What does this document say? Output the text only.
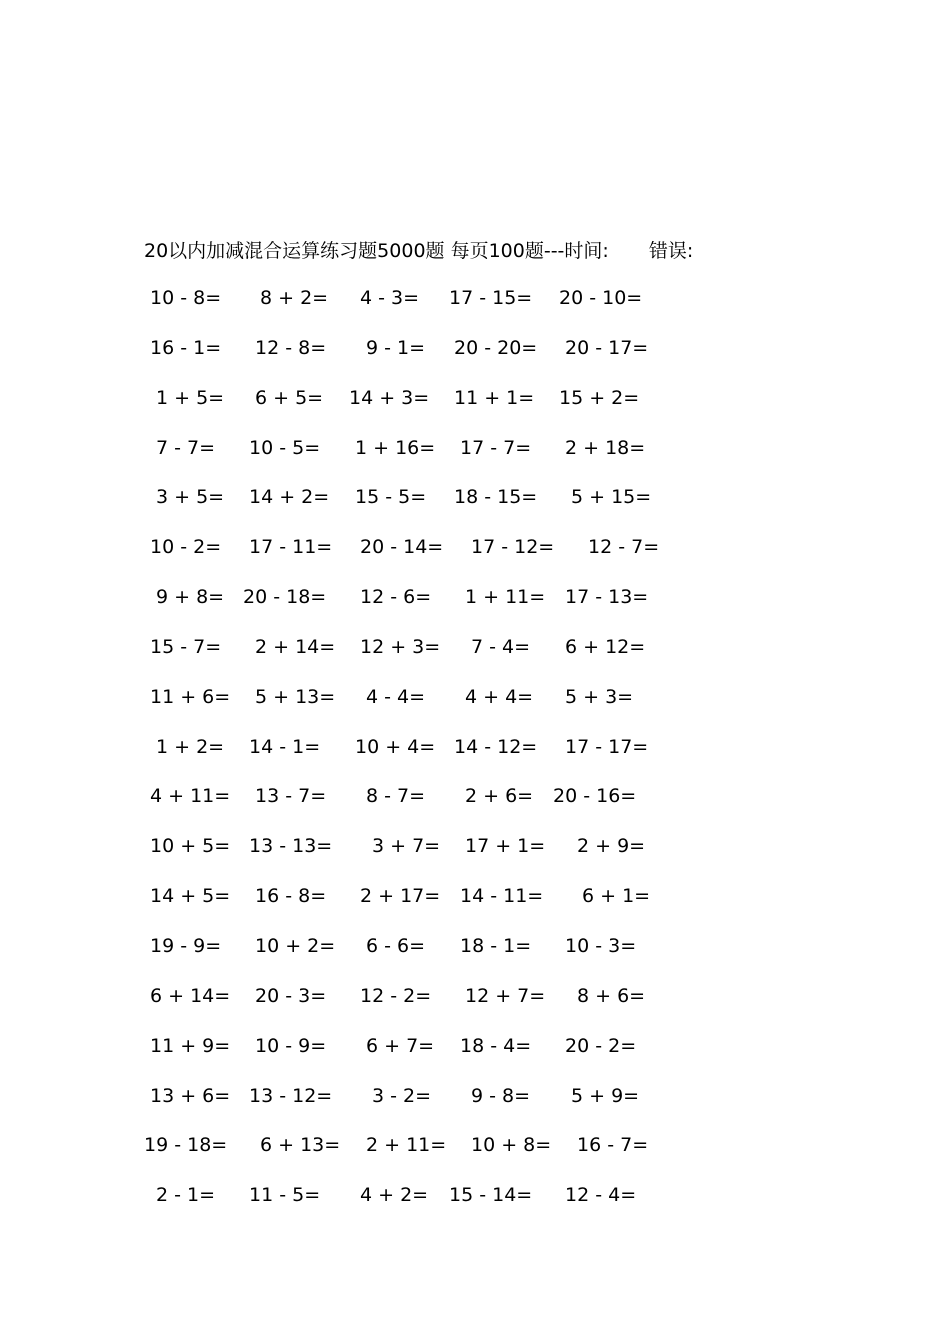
20以内加减混合运算练习题5000题 每页100题---时间: 错误:
10 - 8= 8 + 2= 4 - 3= 17 - 15= 20 - 10=
16 - 1= 12 - 8= 9 - 1= 20 - 20= 20 - 17=
1 + 5= 6 + 5= 14 + 3= 11 + 1= 15 + 2=
7 - 7= 10 - 5= 1 + 16= 17 - 7= 2 + 18=
3 + 5= 14 + 2= 15 - 5= 18 - 15= 5 + 15=
10 - 2= 17 - 11= 20 - 14= 17 - 12= 12 - 7=
9 + 8= 20 - 18= 12 - 6= 1 + 11= 17 - 13=
15 - 7= 2 + 14= 12 + 3= 7 - 4= 6 + 12=
11 + 6= 5 + 13= 4 - 4= 4 + 4= 5 + 3=
1 + 2= 14 - 1= 10 + 4= 14 - 12= 17 - 17=
4 + 11= 13 - 7= 8 - 7= 2 + 6= 20 - 16=
10 + 5= 13 - 13= 3 + 7= 17 + 1= 2 + 9=
14 + 5= 16 - 8= 2 + 17= 14 - 11= 6 + 1=
19 - 9= 10 + 2= 6 - 6= 18 - 1= 10 - 3=
6 + 14= 20 - 3= 12 - 2= 12 + 7= 8 + 6=
11 + 9= 10 - 9= 6 + 7= 18 - 4= 20 - 2=
13 + 6= 13 - 12= 3 - 2= 9 - 8= 5 + 9=
19 - 18= 6 + 13= 2 + 11= 10 + 8= 16 - 7=
2 - 1= 11 - 5= 4 + 2= 15 - 14= 12 - 4=
